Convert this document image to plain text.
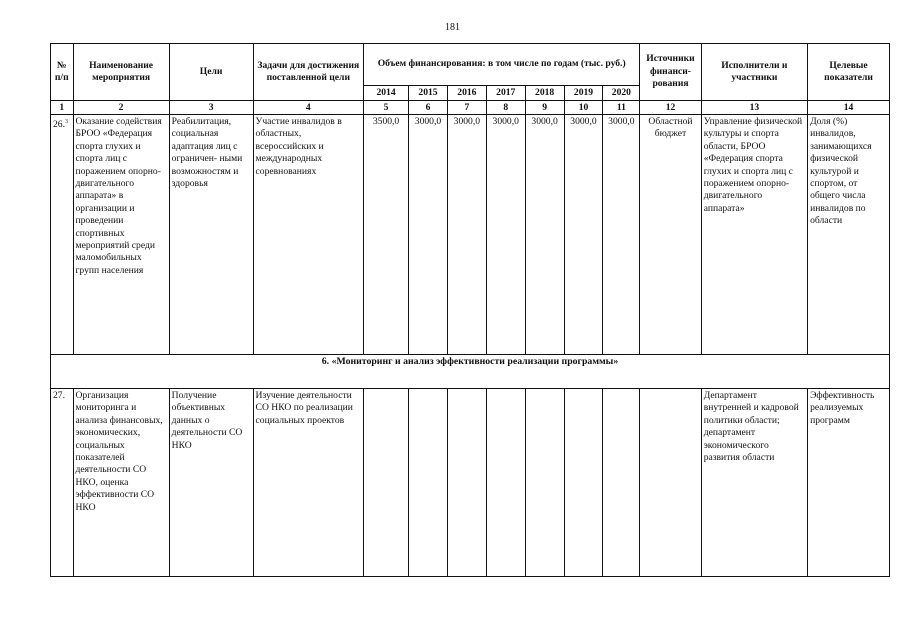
181
№ п/п	Наименование мероприятия	Цели	Задачи для достижения поставленной цели	Объем финансирования: в том числе по годам (тыс. руб.)							Источники финанси- рования	Исполнители и участники	Целевые показатели
				2014	2015	2016	2017	2018	2019	2020			
1	2	3	4	5	6	7	8	9	10	11	12	13	14
26.$^3$	Оказание содействия БРОО «Федерация спорта глухих и спорта лиц с поражением опорно- двигательного аппарата» в организации и проведении спортивных мероприятий среди маломобильных групп населения	Реабилитация, социальная адаптация лиц с ограничен- ными возможностям и здоровья	Участие инвалидов в областных, всероссийских и международных соревнованиях	3500,0	3000,0	3000,0	3000,0	3000,0	3000,0	3000,0	Областной бюджет	Управление физической культуры и спорта области, БРОО «Федерация спорта глухих и спорта лиц с поражением опорно- двигательного аппарата»	Доля (%) инвалидов, занимающихся физической культурой и спортом, от общего числа инвалидов по области
6. «Мониторинг и анализ эффективности реализации программы»													
27.	Организация мониторинга и анализа финансовых, экономических, социальных показателей деятельности СО НКО, оценка эффективности СО НКО	Получение объективных данных о деятельности СО НКО	Изучение деятельности СО НКО по реализации социальных проектов									Департамент внутренней и кадровой политики области; департамент экономического развития области	Эффективность реализуемых программ
